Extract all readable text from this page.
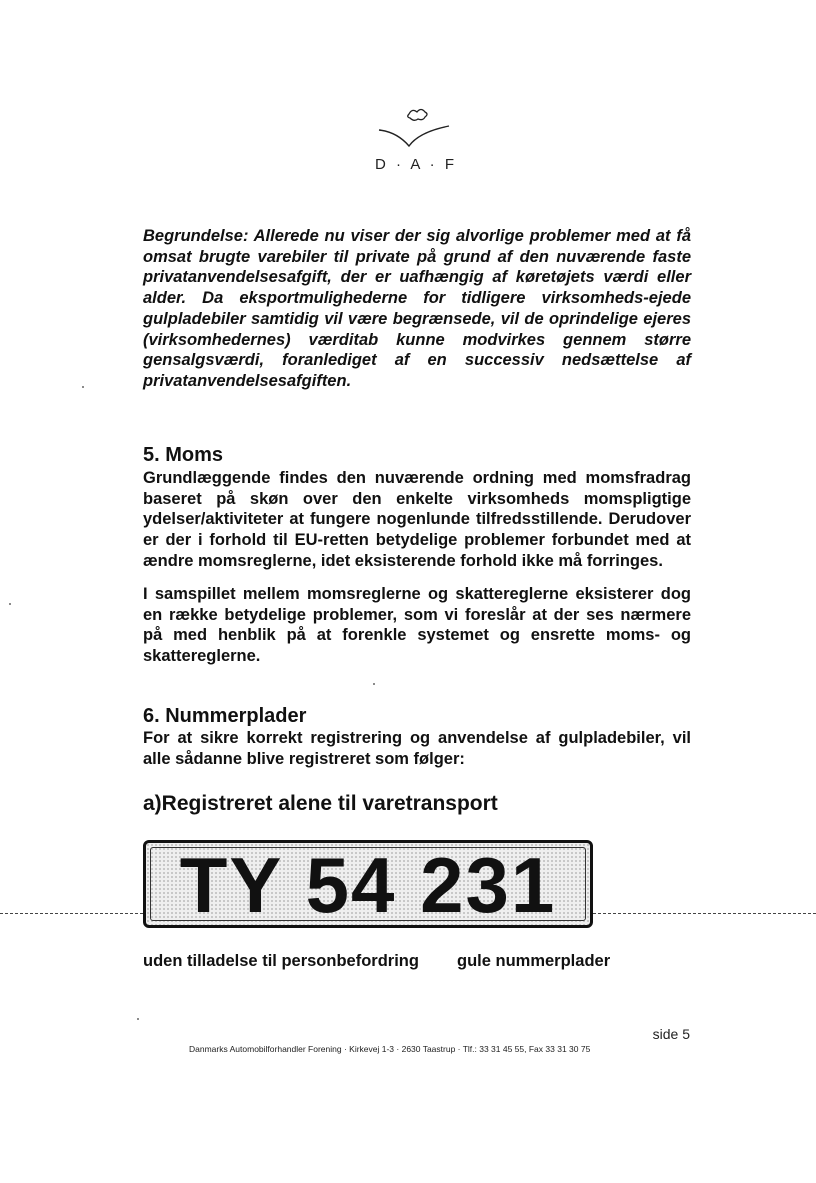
D · A · F

Begrundelse: Allerede nu viser der sig alvorlige problemer med at få omsat brugte varebiler til private på grund af den nuværende faste privatanvendelsesafgift, der er uafhængig af køretøjets værdi eller alder. Da eksportmulighederne for tidligere virksomheds-ejede gulpladebiler samtidig vil være begrænsede, vil de oprindelige ejeres (virksomhedernes) værditab kunne modvirkes gennem større gensalgsværdi, foranlediget af en successiv nedsættelse af privatanvendelsesafgiften.

5. Moms

Grundlæggende findes den nuværende ordning med momsfradrag baseret på skøn over den enkelte virksomheds momspligtige ydelser/aktiviteter at fungere nogenlunde tilfredsstillende. Derudover er der i forhold til EU-retten betydelige problemer forbundet med at ændre momsreglerne, idet eksisterende forhold ikke må forringes.

I samspillet mellem momsreglerne og skattereglerne eksisterer dog en række betydelige problemer, som vi foreslår at der ses nærmere på med henblik på at forenkle systemet og ensrette moms- og skattereglerne.

6. Nummerplader

For at sikre korrekt registrering og anvendelse af gulpladebiler, vil alle sådanne blive registreret som følger:

a)Registreret alene til varetransport
TY 54 231
uden tilladelse til personbefordring gule nummerplader
side 5
Danmarks Automobilforhandler Forening · Kirkevej 1-3 · 2630 Taastrup · Tlf.: 33 31 45 55, Fax 33 31 30 75
